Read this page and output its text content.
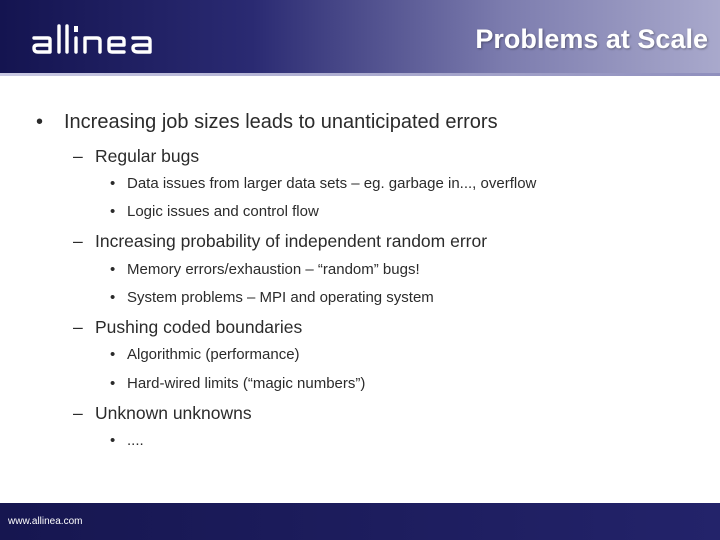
Problems at Scale
• Increasing job sizes leads to unanticipated errors
– Regular bugs
• Data issues from larger data sets – eg. garbage in..., overflow
• Logic issues and control flow
– Increasing probability of independent random error
• Memory errors/exhaustion – “random” bugs!
• System problems – MPI and operating system
– Pushing coded boundaries
• Algorithmic (performance)
• Hard-wired limits (“magic numbers”)
– Unknown unknowns
• ....
www.allinea.com
